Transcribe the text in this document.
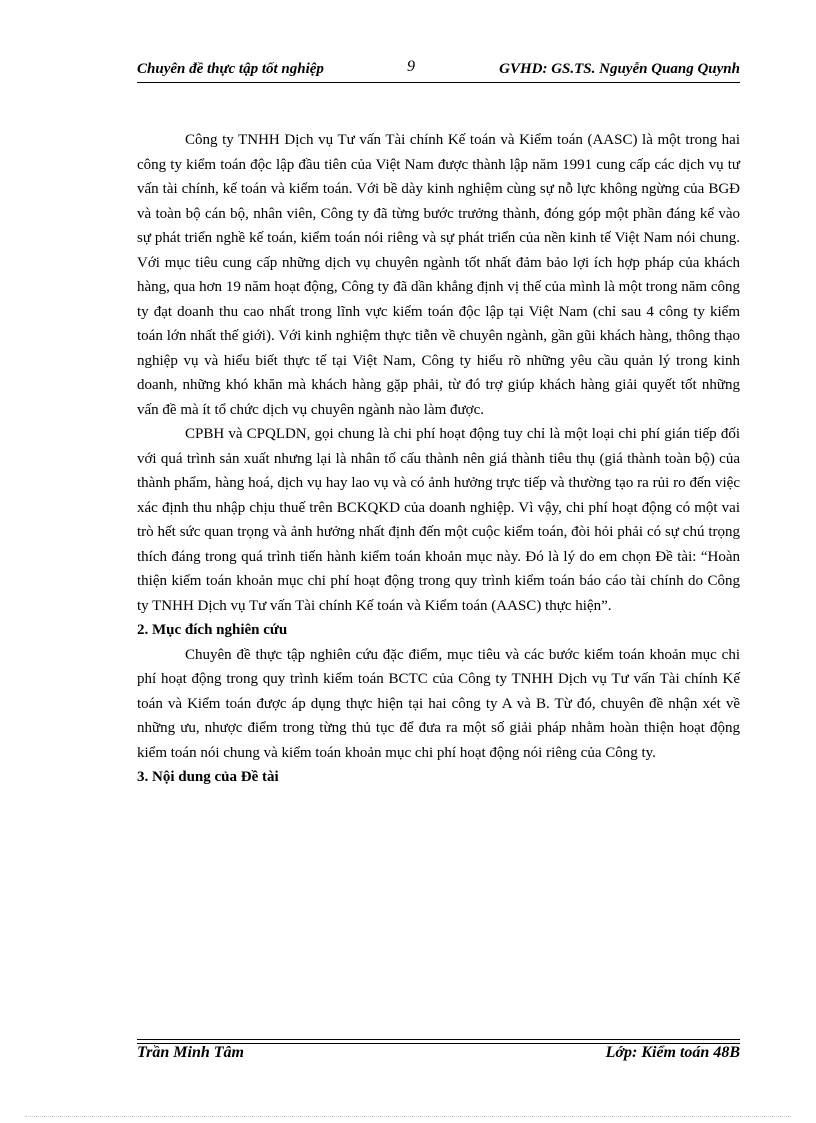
Chuyên đề thực tập tốt nghiệp	9	GVHD: GS.TS. Nguyễn Quang Quynh

Công ty TNHH Dịch vụ Tư vấn Tài chính Kế toán và Kiểm toán (AASC) là một trong hai công ty kiểm toán độc lập đầu tiên của Việt Nam được thành lập năm 1991 cung cấp các dịch vụ tư vấn tài chính, kế toán và kiểm toán. Với bề dày kinh nghiệm cùng sự nỗ lực không ngừng của BGĐ và toàn bộ cán bộ, nhân viên, Công ty đã từng bước trưởng thành, đóng góp một phần đáng kể vào sự phát triển nghề kế toán, kiểm toán nói riêng và sự phát triển của nền kinh tế Việt Nam nói chung. Với mục tiêu cung cấp những dịch vụ chuyên ngành tốt nhất đảm bảo lợi ích hợp pháp của khách hàng, qua hơn 19 năm hoạt động, Công ty đã dần khẳng định vị thế của mình là một trong năm công ty đạt doanh thu cao nhất trong lĩnh vực kiểm toán độc lập tại Việt Nam (chỉ sau 4 công ty kiểm toán lớn nhất thế giới). Với kinh nghiệm thực tiễn về chuyên ngành, gần gũi khách hàng, thông thạo nghiệp vụ và hiểu biết thực tế tại Việt Nam, Công ty hiểu rõ những yêu cầu quản lý trong kinh doanh, những khó khăn mà khách hàng gặp phải, từ đó trợ giúp khách hàng giải quyết tốt những vấn đề mà ít tổ chức dịch vụ chuyên ngành nào làm được.

CPBH và CPQLDN, gọi chung là chi phí hoạt động tuy chỉ là một loại chi phí gián tiếp đối với quá trình sản xuất nhưng lại là nhân tố cấu thành nên giá thành tiêu thụ (giá thành toàn bộ) của thành phẩm, hàng hoá, dịch vụ hay lao vụ và có ảnh hưởng trực tiếp và thường tạo ra rủi ro đến việc xác định thu nhập chịu thuế trên BCKQKD của doanh nghiệp. Vì vậy, chi phí hoạt động có một vai trò hết sức quan trọng và ảnh hưởng nhất định đến một cuộc kiểm toán, đòi hỏi phải có sự chú trọng thích đáng trong quá trình tiến hành kiểm toán khoản mục này. Đó là lý do em chọn Đề tài: “Hoàn thiện kiểm toán khoản mục chi phí hoạt động trong quy trình kiểm toán báo cáo tài chính do Công ty TNHH Dịch vụ Tư vấn Tài chính Kế toán và Kiểm toán (AASC) thực hiện”.

2. Mục đích nghiên cứu

Chuyên đề thực tập nghiên cứu đặc điểm, mục tiêu và các bước kiểm toán khoản mục chi phí hoạt động trong quy trình kiểm toán BCTC của Công ty TNHH Dịch vụ Tư vấn Tài chính Kế toán và Kiểm toán được áp dụng thực hiện tại hai công ty A và B. Từ đó, chuyên đề nhận xét về những ưu, nhược điểm trong từng thủ tục để đưa ra một số giải pháp nhằm hoàn thiện hoạt động kiểm toán nói chung và kiểm toán khoản mục chi phí hoạt động nói riêng của Công ty.

3. Nội dung của Đề tài
Trần Minh Tâm	Lớp: Kiểm toán 48B
